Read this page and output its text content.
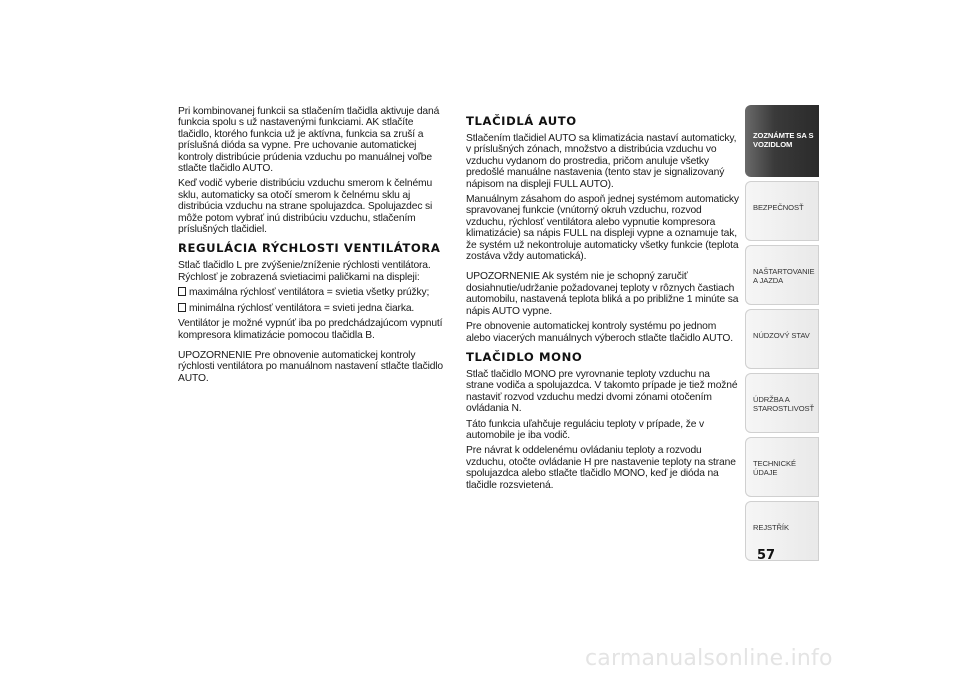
Pri kombinovanej funkcii sa stlačením tlačidla aktivuje daná funkcia spolu s už nastavenými funkciami. AK stlačíte tlačidlo, ktorého funkcia už je aktívna, funkcia sa zruší a príslušná dióda sa vypne. Pre uchovanie automatickej kontroly distribúcie prúdenia vzduchu po manuálnej voľbe stlačte tlačidlo AUTO.

Keď vodič vyberie distribúciu vzduchu smerom k čelnému sklu, automaticky sa otočí smerom k čelnému sklu aj distribúcia vzduchu na strane spolujazdca. Spolujazdec si môže potom vybrať inú distribúciu vzduchu, stlačením príslušných tlačidiel.

REGULÁCIA RÝCHLOSTI VENTILÁTORA

Stlač tlačidlo L pre zvýšenie/zníženie rýchlosti ventilátora. Rýchlosť je zobrazená svietiacimi paličkami na displeji:

maximálna rýchlosť ventilátora = svietia všetky prúžky;
minimálna rýchlosť ventilátora = svieti jedna čiarka.

Ventilátor je možné vypnúť iba po predchádzajúcom vypnutí kompresora klimatizácie pomocou tlačidla B.

UPOZORNENIE Pre obnovenie automatickej kontroly rýchlosti ventilátora po manuálnom nastavení stlačte tlačidlo AUTO.

TLAČIDLÁ AUTO

Stlačením tlačidiel AUTO sa klimatizácia nastaví automaticky, v príslušných zónach, množstvo a distribúcia vzduchu vo vzduchu vydanom do prostredia, pričom anuluje všetky predošlé manuálne nastavenia (tento stav je signalizovaný nápisom na displeji FULL AUTO).

Manuálnym zásahom do aspoň jednej systémom automaticky spravovanej funkcie (vnútorný okruh vzduchu, rozvod vzduchu, rýchlosť ventilátora alebo vypnutie kompresora klimatizácie) sa nápis FULL na displeji vypne a oznamuje tak, že systém už nekontroluje automaticky všetky funkcie (teplota zostáva vždy automatická).

UPOZORNENIE Ak systém nie je schopný zaručiť dosiahnutie/udržanie požadovanej teploty v rôznych častiach automobilu, nastavená teplota bliká a po približne 1 minúte sa nápis AUTO vypne.

Pre obnovenie automatickej kontroly systému po jednom alebo viacerých manuálnych výberoch stlačte tlačidlo AUTO.

TLAČIDLO MONO

Stlač tlačidlo MONO pre vyrovnanie teploty vzduchu na strane vodiča a spolujazdca. V takomto prípade je tiež možné nastaviť rozvod vzduchu medzi dvomi zónami otočením ovládania N.

Táto funkcia uľahčuje reguláciu teploty v prípade, že v automobile je iba vodič.

Pre návrat k oddelenému ovládaniu teploty a rozvodu vzduchu, otočte ovládanie H pre nastavenie teploty na strane spolujazdca alebo stlačte tlačidlo MONO, keď je dióda na tlačidle rozsvietená.

ZOZNÁMTE SA S VOZIDLOM
BEZPEČNOSŤ
NAŠTARTOVANIE A JAZDA
NÚDZOVÝ STAV
ÚDRŽBA A STAROSTLIVOSŤ
TECHNICKÉ ÚDAJE
REJSTŘÍK
57
carmanualsonline.info
